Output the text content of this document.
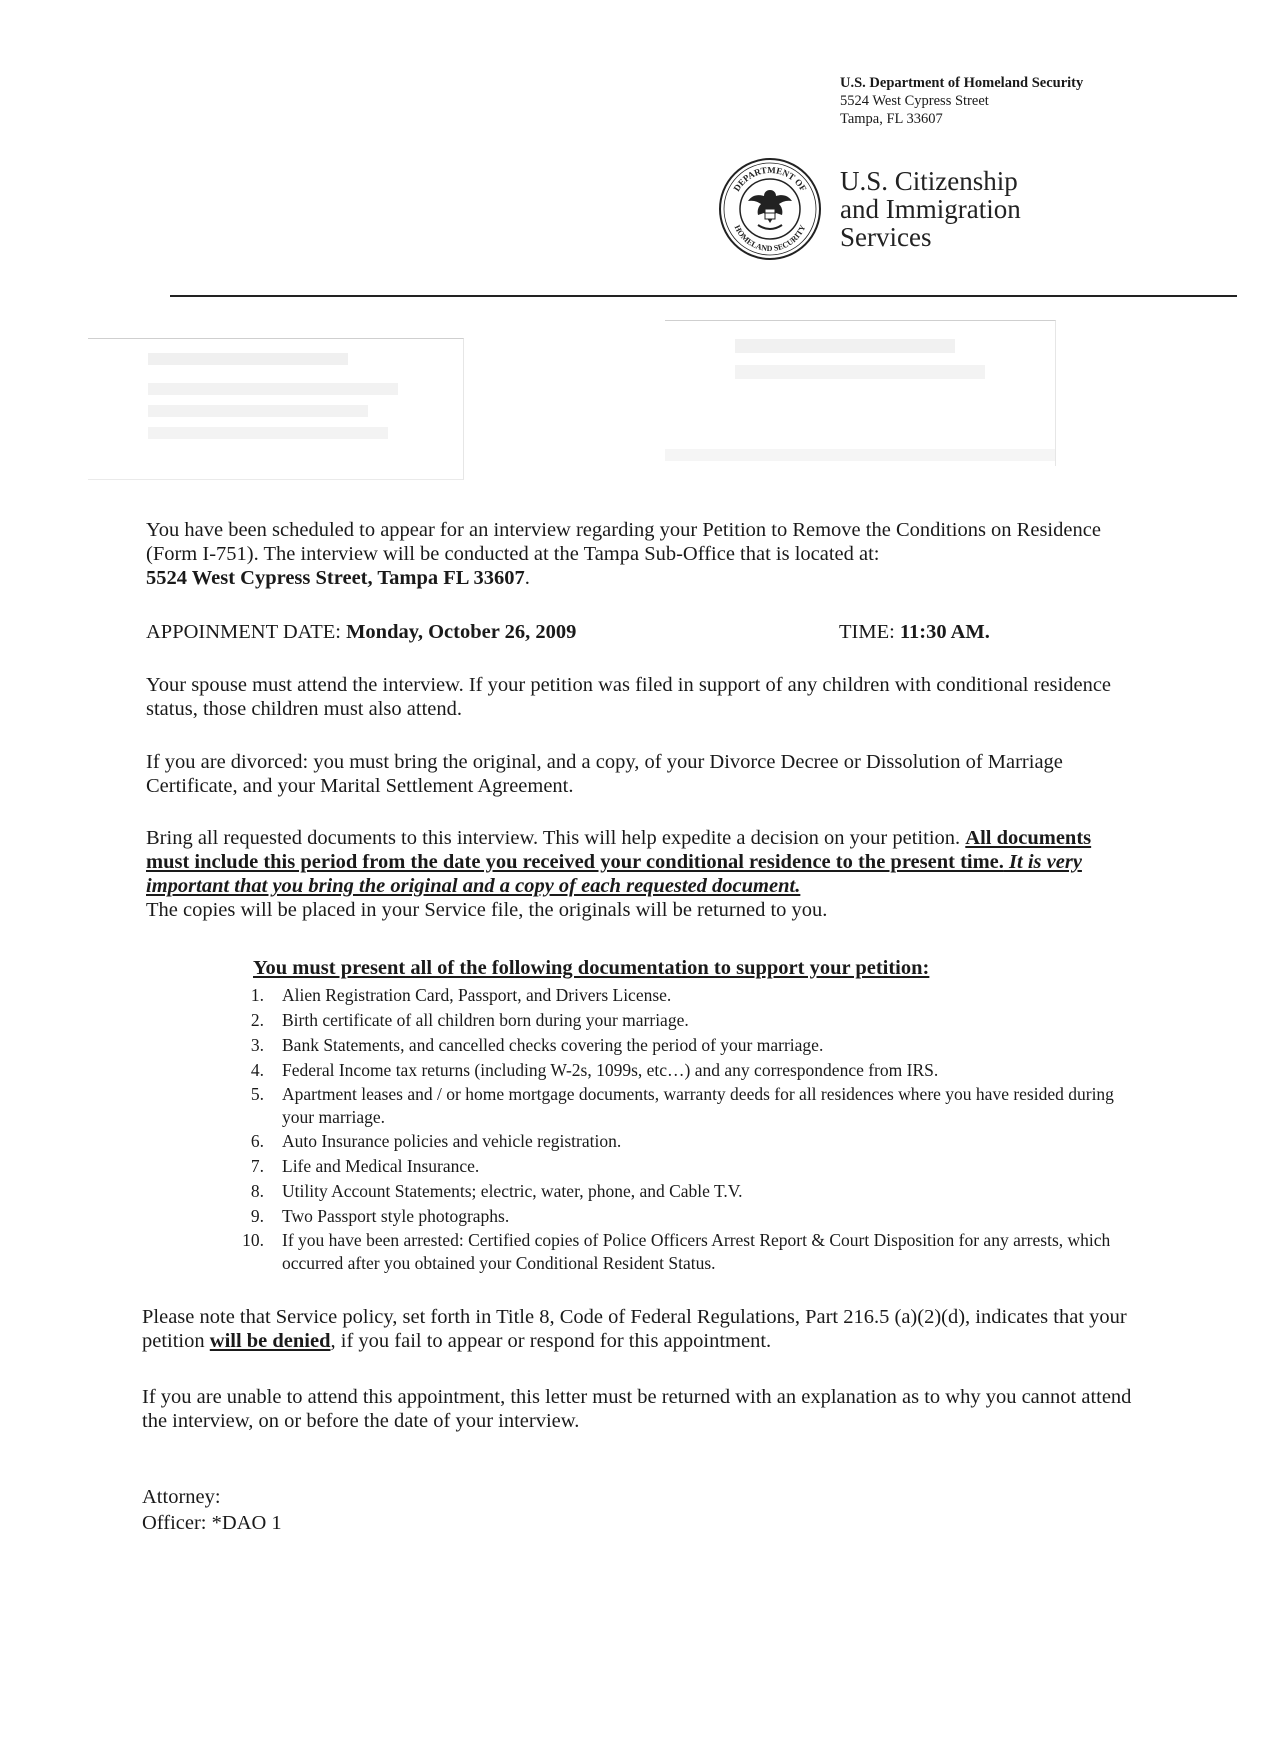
U.S. Department of Homeland Security
5524 West Cypress Street
Tampa, FL 33607
DEPARTMENT OF
HOMELAND SECURITY
U.S. Citizenship
and Immigration
Services
You have been scheduled to appear for an interview regarding your Petition to Remove the Conditions on Residence (Form I-751). The interview will be conducted at the Tampa Sub-Office that is located at:
5524 West Cypress Street, Tampa FL 33607.
APPOINMENT DATE: Monday, October 26, 2009	TIME: 11:30 AM.

Your spouse must attend the interview. If your petition was filed in support of any children with conditional residence status, those children must also attend.

If you are divorced: you must bring the original, and a copy, of your Divorce Decree or Dissolution of Marriage Certificate, and your Marital Settlement Agreement.

Bring all requested documents to this interview. This will help expedite a decision on your petition. All documents must include this period from the date you received your conditional residence to the present time. It is very important that you bring the original and a copy of each requested document.
The copies will be placed in your Service file, the originals will be returned to you.
You must present all of the following documentation to support your petition:
1. Alien Registration Card, Passport, and Drivers License.
2. Birth certificate of all children born during your marriage.
3. Bank Statements, and cancelled checks covering the period of your marriage.
4. Federal Income tax returns (including W-2s, 1099s, etc…) and any correspondence from IRS.
5. Apartment leases and / or home mortgage documents, warranty deeds for all residences where you have resided during your marriage.
6. Auto Insurance policies and vehicle registration.
7. Life and Medical Insurance.
8. Utility Account Statements; electric, water, phone, and Cable T.V.
9. Two Passport style photographs.
10. If you have been arrested: Certified copies of Police Officers Arrest Report & Court Disposition for any arrests, which occurred after you obtained your Conditional Resident Status.
Please note that Service policy, set forth in Title 8, Code of Federal Regulations, Part 216.5 (a)(2)(d), indicates that your petition will be denied, if you fail to appear or respond for this appointment.

If you are unable to attend this appointment, this letter must be returned with an explanation as to why you cannot attend the interview, on or before the date of your interview.

Attorney:
Officer: *DAO 1
